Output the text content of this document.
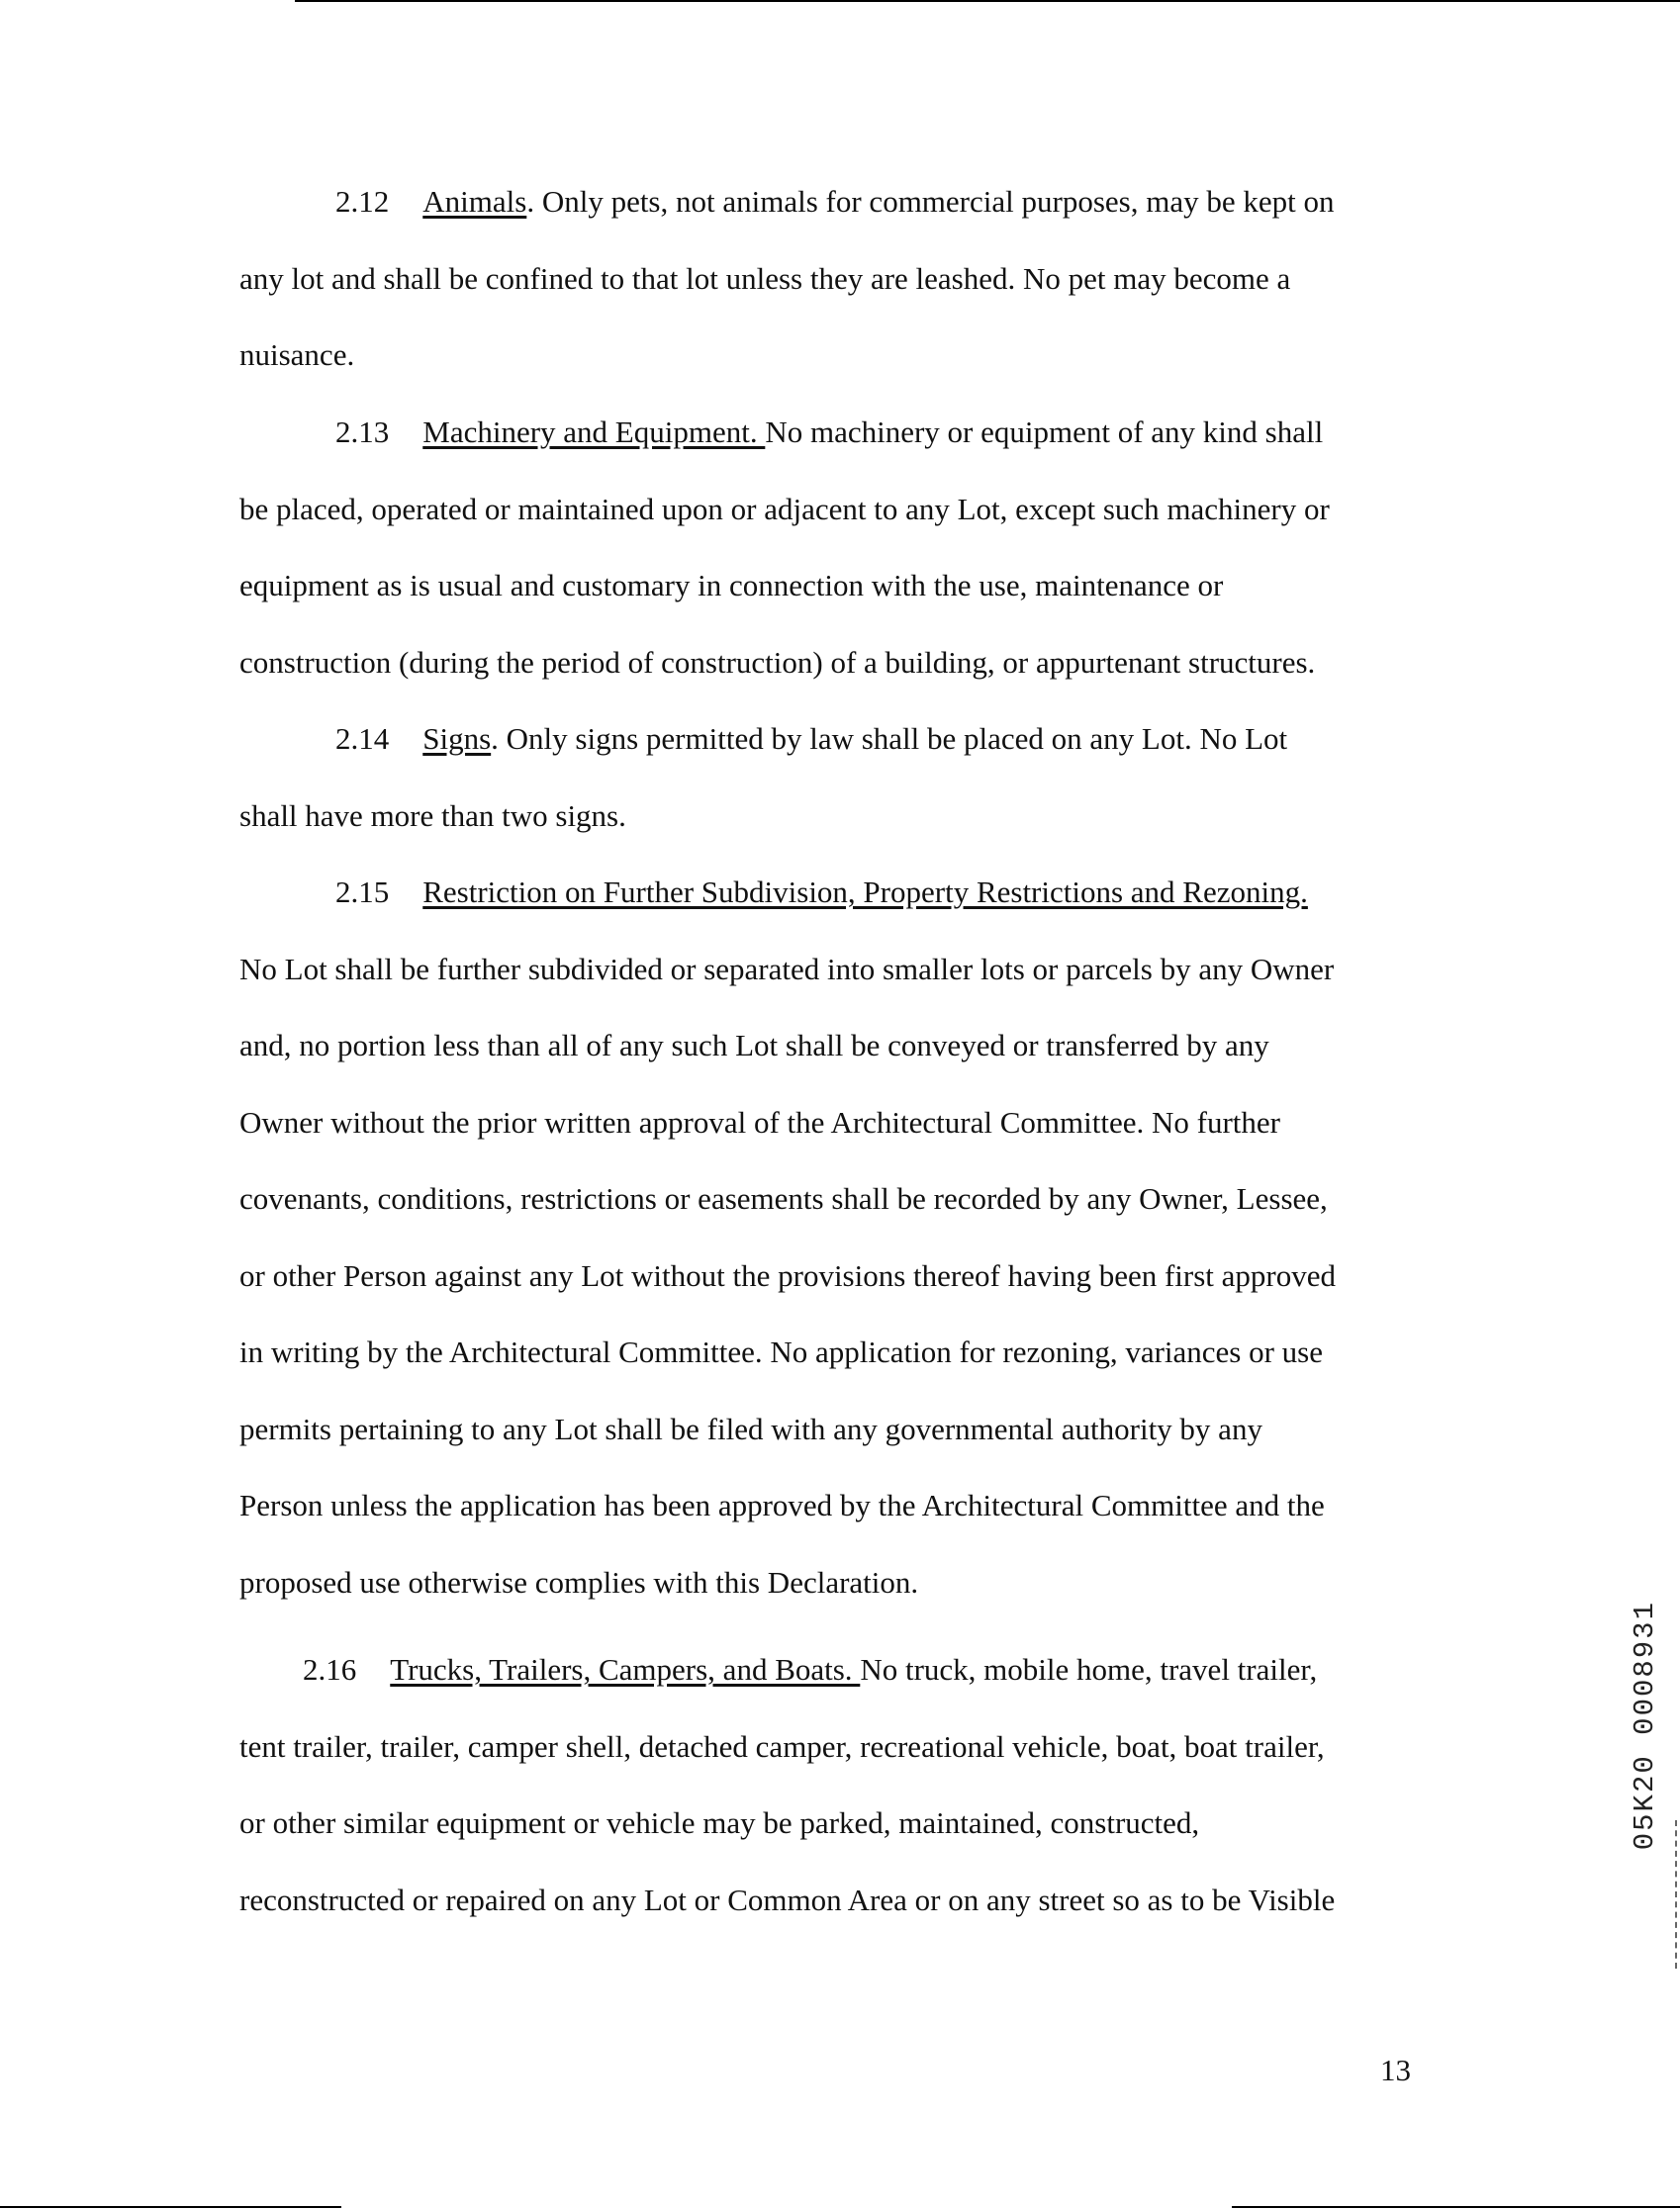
2.12 Animals. Only pets, not animals for commercial purposes, may be kept on
any lot and shall be confined to that lot unless they are leashed. No pet may become a
nuisance.
2.13 Machinery and Equipment. No machinery or equipment of any kind shall
be placed, operated or maintained upon or adjacent to any Lot, except such machinery or
equipment as is usual and customary in connection with the use, maintenance or
construction (during the period of construction) of a building, or appurtenant structures.
2.14 Signs. Only signs permitted by law shall be placed on any Lot. No Lot
shall have more than two signs.
2.15 Restriction on Further Subdivision, Property Restrictions and Rezoning.
No Lot shall be further subdivided or separated into smaller lots or parcels by any Owner
and, no portion less than all of any such Lot shall be conveyed or transferred by any
Owner without the prior written approval of the Architectural Committee. No further
covenants, conditions, restrictions or easements shall be recorded by any Owner, Lessee,
or other Person against any Lot without the provisions thereof having been first approved
in writing by the Architectural Committee. No application for rezoning, variances or use
permits pertaining to any Lot shall be filed with any governmental authority by any
Person unless the application has been approved by the Architectural Committee and the
proposed use otherwise complies with this Declaration.
2.16 Trucks, Trailers, Campers, and Boats. No truck, mobile home, travel trailer,
tent trailer, trailer, camper shell, detached camper, recreational vehicle, boat, boat trailer,
or other similar equipment or vehicle may be parked, maintained, constructed,
reconstructed or repaired on any Lot or Common Area or on any street so as to be Visible
05K20 0008931
13
